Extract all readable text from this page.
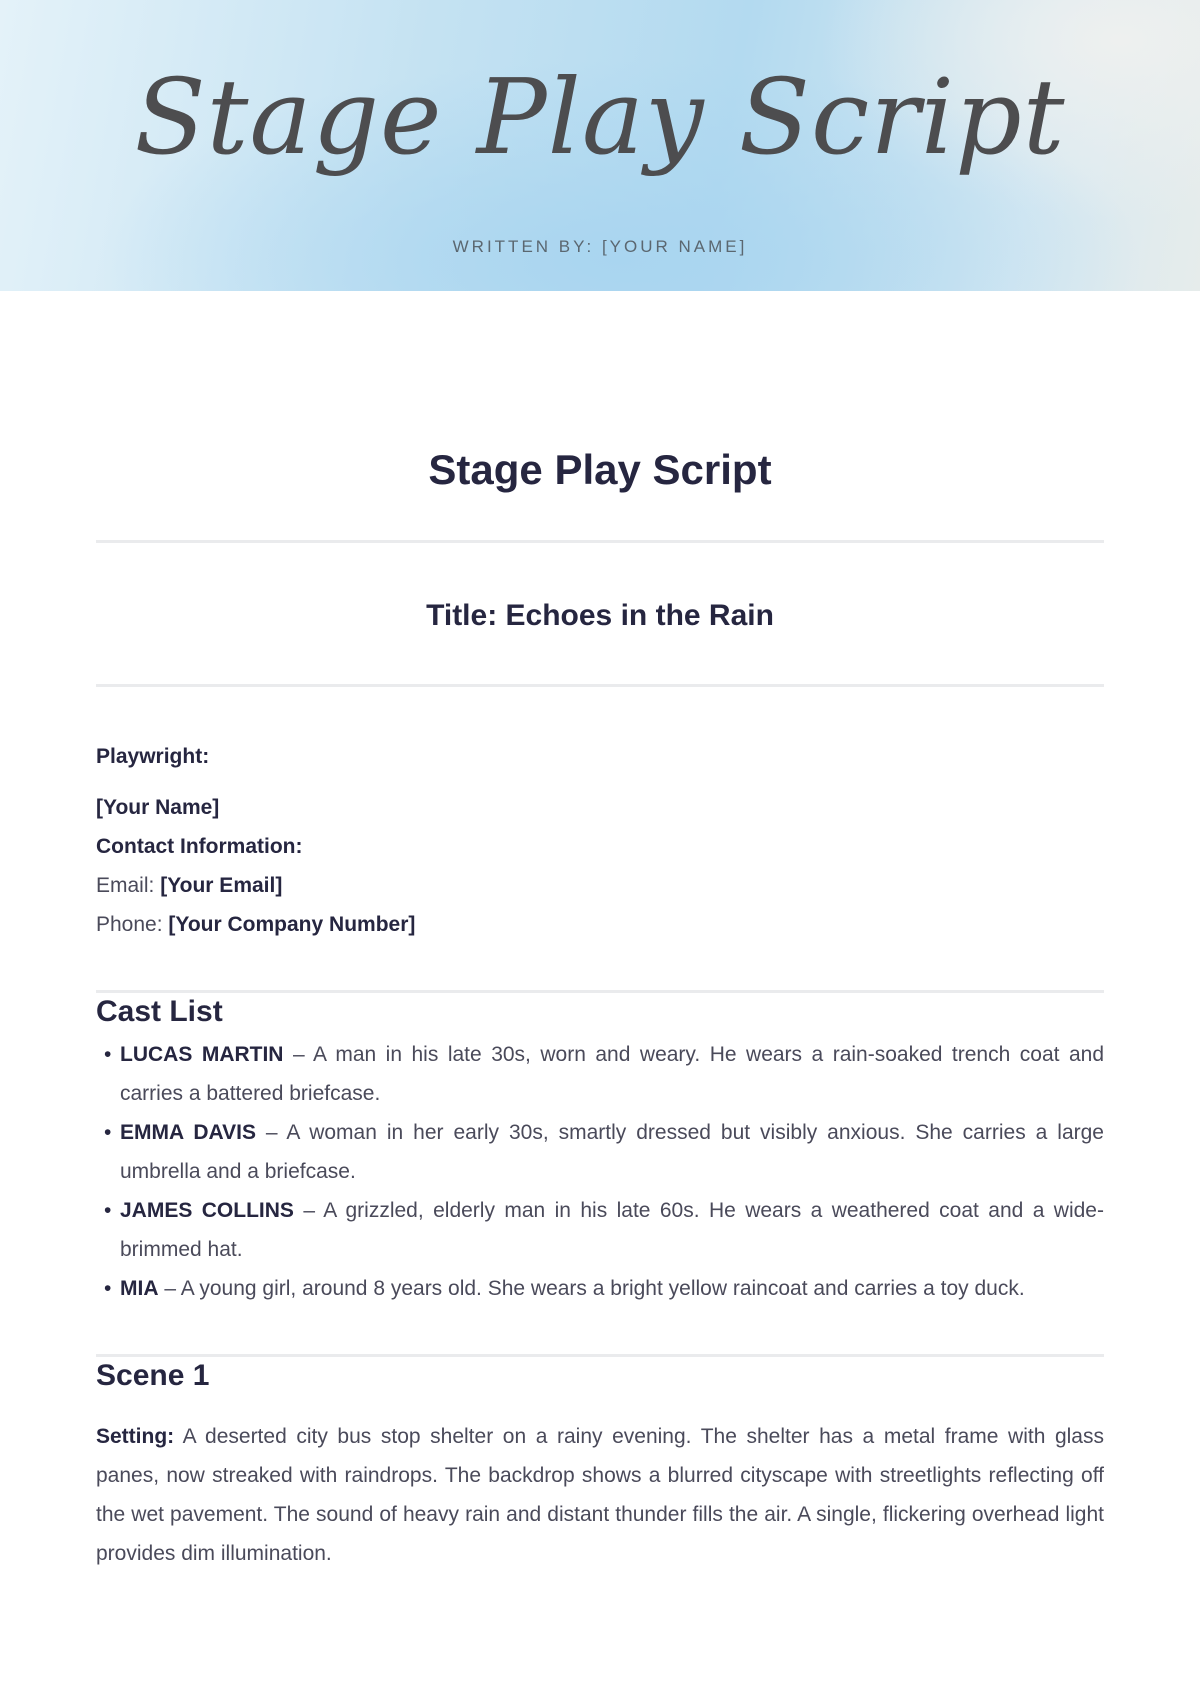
Stage Play Script
WRITTEN BY: [YOUR NAME]
Stage Play Script
Title: Echoes in the Rain
Playwright:
[Your Name]
Contact Information:
Email: [Your Email]
Phone: [Your Company Number]
Cast List
• LUCAS MARTIN – A man in his late 30s, worn and weary. He wears a rain-soaked trench coat and carries a battered briefcase.
• EMMA DAVIS – A woman in her early 30s, smartly dressed but visibly anxious. She carries a large umbrella and a briefcase.
• JAMES COLLINS – A grizzled, elderly man in his late 60s. He wears a weathered coat and a wide-brimmed hat.
• MIA – A young girl, around 8 years old. She wears a bright yellow raincoat and carries a toy duck.
Scene 1

Setting: A deserted city bus stop shelter on a rainy evening. The shelter has a metal frame with glass panes, now streaked with raindrops. The backdrop shows a blurred cityscape with streetlights reflecting off the wet pavement. The sound of heavy rain and distant thunder fills the air. A single, flickering overhead light provides dim illumination.
